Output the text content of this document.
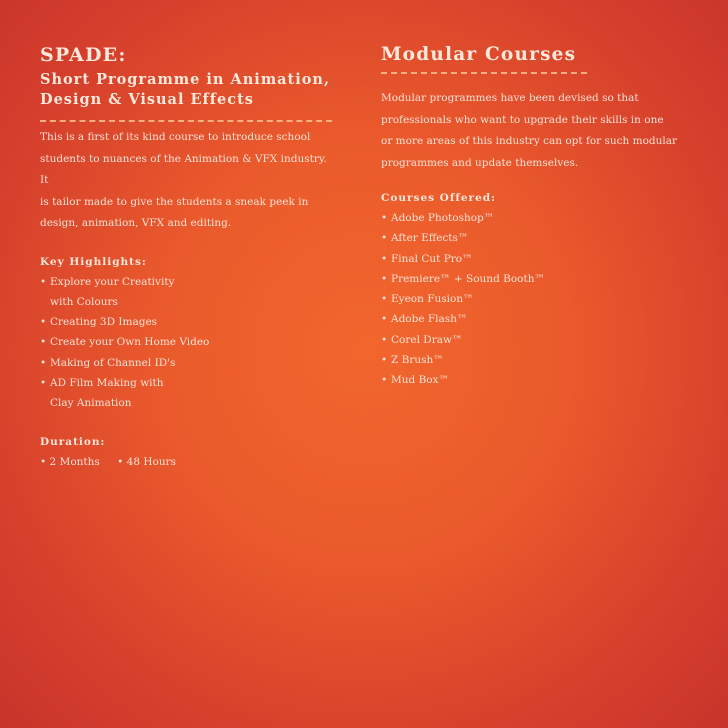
SPADE:
Short Programme in Animation,
Design & Visual Effects

This is a first of its kind course to introduce school

students to nuances of the Animation & VFX industry. It

is tailor made to give the students a sneak peek in

design, animation, VFX and editing.

Key Highlights:

• Explore your Creativity
with Colours
• Creating 3D Images
• Create your Own Home Video
• Making of Channel ID's
• AD Film Making with
Clay Animation

Duration:

• 2 Months • 48 Hours
Modular Courses

Modular programmes have been devised so that

professionals who want to upgrade their skills in one

or more areas of this industry can opt for such modular

programmes and update themselves.

Courses Offered:

• Adobe Photoshop™
• After Effects™
• Final Cut Pro™
• Premiere™ + Sound Booth™
• Eyeon Fusion™
• Adobe Flash™
• Corel Draw™
• Z Brush™
• Mud Box™
